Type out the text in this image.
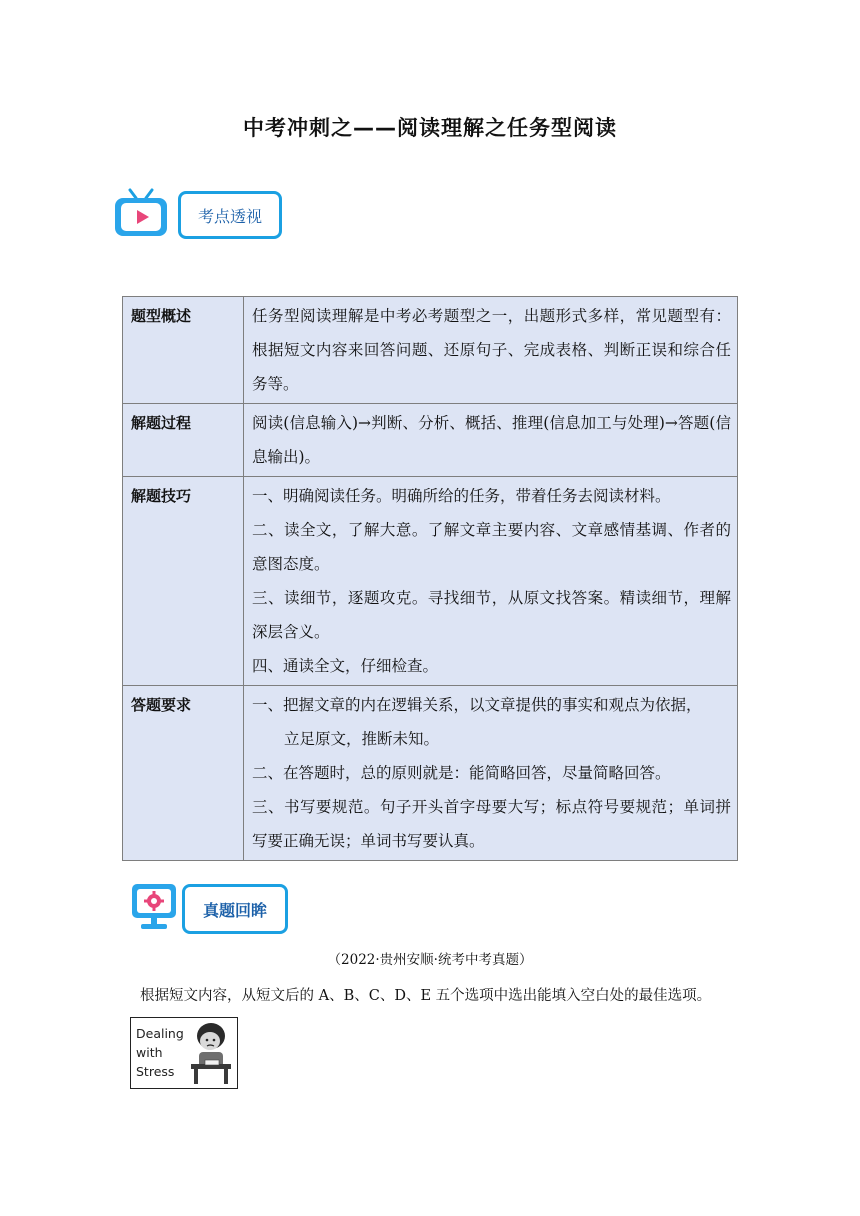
中考冲刺之——阅读理解之任务型阅读
考点透视
题型概述	任务型阅读理解是中考必考题型之一，出题形式多样，常见题型有：根据短文内容来回答问题、还原句子、完成表格、判断正误和综合任务等。

解题过程	阅读(信息输入)→判断、分析、概括、推理(信息加工与处理)→答题(信息输出)。

解题技巧	一、明确阅读任务。明确所给的任务，带着任务去阅读材料。
二、读全文，了解大意。了解文章主要内容、文章感情基调、作者的意图态度。
三、读细节，逐题攻克。寻找细节，从原文找答案。精读细节，理解深层含义。
四、通读全文，仔细检查。

答题要求	一、把握文章的内在逻辑关系，以文章提供的事实和观点为依据，
立足原文，推断未知。
二、在答题时，总的原则就是：能简略回答，尽量简略回答。
三、书写要规范。句子开头首字母要大写；标点符号要规范；单词拼写要正确无误；单词书写要认真。
真题回眸
（2022·贵州安顺·统考中考真题）
根据短文内容，从短文后的 A、B、C、D、E 五个选项中选出能填入空白处的最佳选项。
Dealing
with
Stress
